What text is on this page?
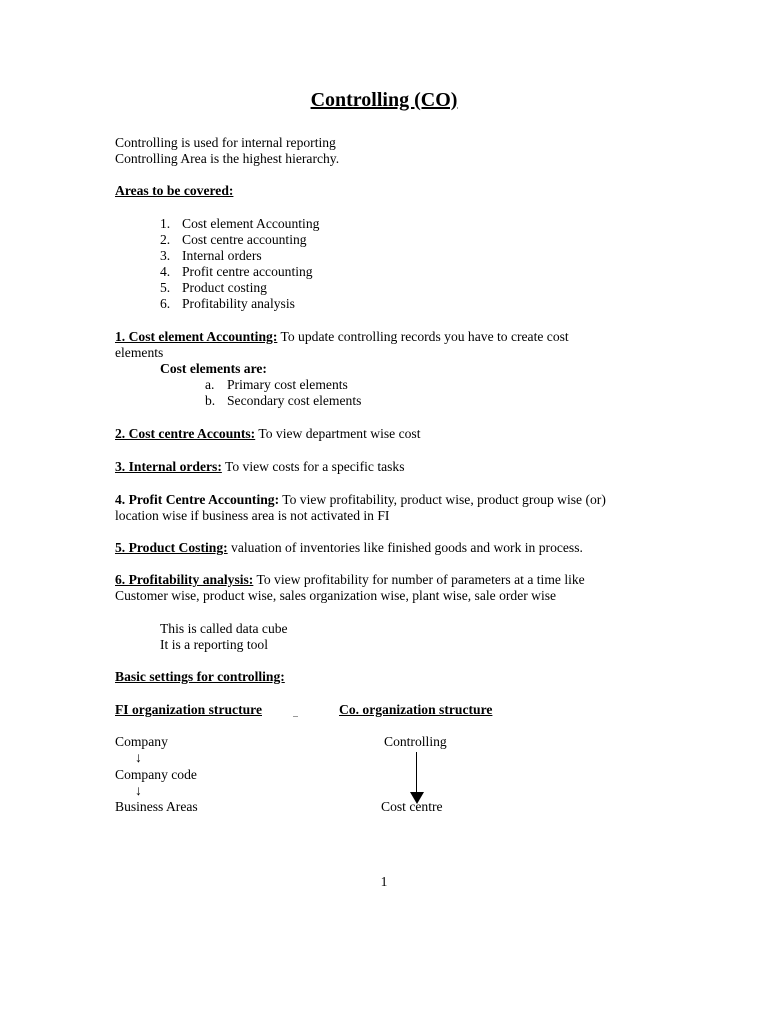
Controlling (CO)
Controlling is used for internal reporting
Controlling Area is the highest hierarchy.
Areas to be covered:
1. Cost element Accounting
2. Cost centre accounting
3. Internal orders
4. Profit centre accounting
5. Product costing
6. Profitability analysis
1. Cost element Accounting: To update controlling records you have to create cost
elements
Cost elements are:
a. Primary cost elements
b. Secondary cost elements
2. Cost centre Accounts: To view department wise cost
3. Internal orders: To view costs for a specific tasks
4. Profit Centre Accounting: To view profitability, product wise, product group wise (or)
location wise if business area is not activated in FI
5. Product Costing: valuation of inventories like finished goods and work in process.
6. Profitability analysis: To view profitability for number of parameters at a time like
Customer wise, product wise, sales organization wise, plant wise, sale order wise
This is called data cube
It is a reporting tool
Basic settings for controlling:
FI organization structure	Co. organization structure
Company
↓
Company code
↓
Business Areas
Controlling
Cost centre
1
